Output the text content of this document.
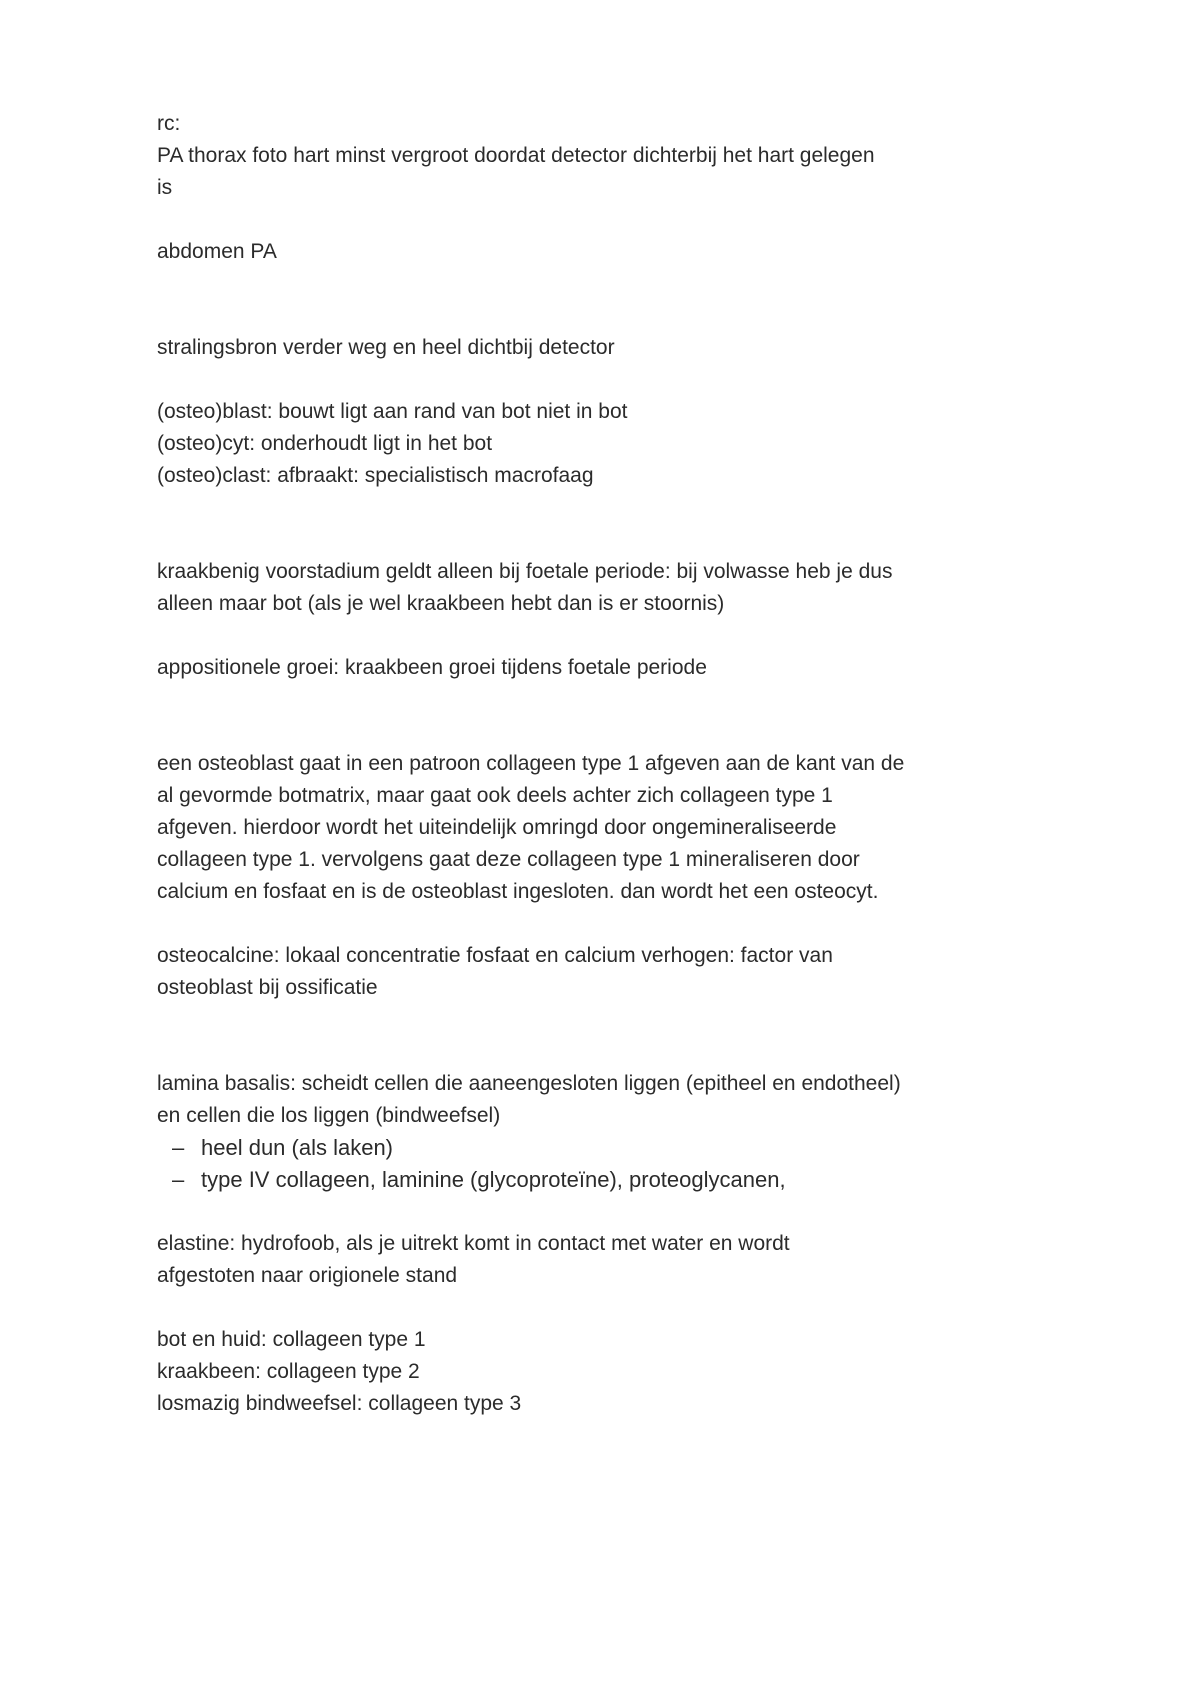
rc:
PA thorax foto hart minst vergroot doordat detector dichterbij het hart gelegen
is
abdomen PA
stralingsbron verder weg en heel dichtbij detector
(osteo)blast: bouwt ligt aan rand van bot niet in bot
(osteo)cyt: onderhoudt ligt in het bot
(osteo)clast: afbraakt: specialistisch macrofaag
kraakbenig voorstadium geldt alleen bij foetale periode: bij volwasse heb je dus
alleen maar bot (als je wel kraakbeen hebt dan is er stoornis)
appositionele groei: kraakbeen groei tijdens foetale periode
een osteoblast gaat in een patroon collageen type 1 afgeven aan de kant van de
al gevormde botmatrix, maar gaat ook deels achter zich collageen type 1
afgeven. hierdoor wordt het uiteindelijk omringd door ongemineraliseerde
collageen type 1. vervolgens gaat deze collageen type 1 mineraliseren door
calcium en fosfaat en is de osteoblast ingesloten. dan wordt het een osteocyt.
osteocalcine: lokaal concentratie fosfaat en calcium verhogen: factor van
osteoblast bij ossificatie
lamina basalis: scheidt cellen die aaneengesloten liggen (epitheel en endotheel)
en cellen die los liggen (bindweefsel)
– heel dun (als laken)
– type IV collageen, laminine (glycoproteïne), proteoglycanen,
elastine: hydrofoob, als je uitrekt komt in contact met water en wordt
afgestoten naar origionele stand
bot en huid: collageen type 1
kraakbeen: collageen type 2
losmazig bindweefsel: collageen type 3
